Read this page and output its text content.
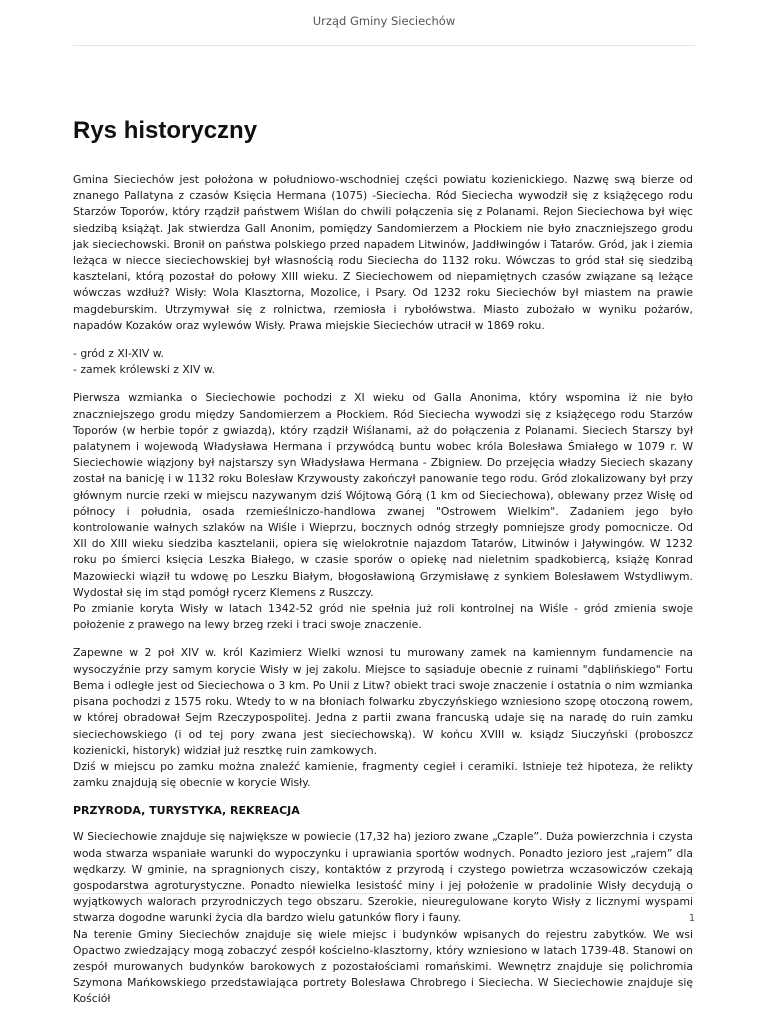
Urząd Gminy Sieciechów
Rys historyczny

Gmina Sieciechów jest położona w południowo-wschodniej części powiatu kozienickiego. Nazwę swą bierze od znanego Pallatyna z czasów Księcia Hermana (1075) -Sieciecha. Ród Sieciecha wywodził się z książęcego rodu Starzów Toporów, który rządził państwem Wiślan do chwili połączenia się z Polanami. Rejon Sieciechowa był więc siedzibą książąt. Jak stwierdza Gall Anonim, pomiędzy Sandomierzem a Płockiem nie było znaczniejszego grodu jak sieciechowski. Bronił on państwa polskiego przed napadem Litwinów, Jaddłwingów i Tatarów. Gród, jak i ziemia leżąca w niecce sieciechowskiej był własnością rodu Sieciecha do 1132 roku. Wówczas to gród stał się siedzibą kasztelani, którą pozostał do połowy XIII wieku. Z Sieciechowem od niepamiętnych czasów związane są leżące wówczas wzdłuż? Wisły: Wola Klasztorna, Mozolice, i Psary. Od 1232 roku Sieciechów był miastem na prawie magdeburskim. Utrzymywał się z rolnictwa, rzemiosła i rybołówstwa. Miasto zubożało w wyniku pożarów, napadów Kozaków oraz wylewów Wisły. Prawa miejskie Sieciechów utracił w 1869 roku.

- gród z XI-XIV w.
- zamek królewski z XIV w.

Pierwsza wzmianka o Sieciechowie pochodzi z XI wieku od Galla Anonima, który wspomina iż nie było znaczniejszego grodu między Sandomierzem a Płockiem. Ród Sieciecha wywodzi się z książęcego rodu Starzów Toporów (w herbie topór z gwiazdą), który rządził Wiślanami, aż do połączenia z Polanami. Sieciech Starszy był palatynem i wojewodą Władysława Hermana i przywódcą buntu wobec króla Bolesława Śmiałego w 1079 r. W Sieciechowie wiązjony był najstarszy syn Władysława Hermana - Zbigniew. Do przejęcia władzy Sieciech skazany został na banicję i w 1132 roku Bolesław Krzywousty zakończył panowanie tego rodu. Gród zlokalizowany był przy głównym nurcie rzeki w miejscu nazywanym dziś Wójtową Górą (1 km od Sieciechowa), oblewany przez Wisłę od północy i południa, osada rzemieślniczo-handlowa zwanej "Ostrowem Wielkim". Zadaniem jego było kontrolowanie wałnych szlaków na Wiśle i Wieprzu, bocznych odnóg strzegły pomniejsze grody pomocnicze. Od XII do XIII wieku siedziba kasztelanii, opiera się wielokrotnie najazdom Tatarów, Litwinów i Jaływingów. W 1232 roku po śmierci księcia Leszka Białego, w czasie sporów o opiekę nad nieletnim spadkobiercą, książę Konrad Mazowiecki wiąził tu wdowę po Leszku Białym, błogosławioną Grzymisławę z synkiem Bolesławem Wstydliwym. Wydostał się im stąd pomógł rycerz Klemens z Ruszczy.
Po zmianie koryta Wisły w latach 1342-52 gród nie spełnia już roli kontrolnej na Wiśle - gród zmienia swoje położenie z prawego na lewy brzeg rzeki i traci swoje znaczenie.

Zapewne w 2 poł XIV w. król Kazimierz Wielki wznosi tu murowany zamek na kamiennym fundamencie na wysoczyźnie przy samym korycie Wisły w jej zakolu. Miejsce to sąsiaduje obecnie z ruinami "dąblińskiego" Fortu Bema i odległe jest od Sieciechowa o 3 km. Po Unii z Litw? obiekt traci swoje znaczenie i ostatnia o nim wzmianka pisana pochodzi z 1575 roku. Wtedy to w na błoniach folwarku zbyczyńskiego wzniesiono szopę otoczoną rowem, w której obradował Sejm Rzeczypospolitej. Jedna z partii zwana francuską udaje się na naradę do ruin zamku sieciechowskiego (i od tej pory zwana jest sieciechowską). W końcu XVIII w. ksiądz Siuczyński (proboszcz kozienicki, historyk) widział już resztkę ruin zamkowych.
Dziś w miejscu po zamku można znaleźć kamienie, fragmenty cegieł i ceramiki. Istnieje też hipoteza, że relikty zamku znajdują się obecnie w korycie Wisły.

PRZYRODA, TURYSTYKA, REKREACJA

W Sieciechowie znajduje się największe w powiecie (17,32 ha) jezioro zwane „Czaple”. Duża powierzchnia i czysta woda stwarza wspaniałe warunki do wypoczynku i uprawiania sportów wodnych. Ponadto jezioro jest „rajem” dla wędkarzy. W gminie, na spragnionych ciszy, kontaktów z przyrodą i czystego powietrza wczasowiczów czekają gospodarstwa agroturystyczne. Ponadto niewielka lesistość miny i jej położenie w pradolinie Wisły decydują o wyjątkowych walorach przyrodniczych tego obszaru. Szerokie, nieuregulowane koryto Wisły z licznymi wyspami stwarza dogodne warunki życia dla bardzo wielu gatunków flory i fauny.
Na terenie Gminy Sieciechów znajduje się wiele miejsc i budynków wpisanych do rejestru zabytków. We wsi Opactwo zwiedzający mogą zobaczyć zespół kościelno-klasztorny, który wzniesiono w latach 1739-48. Stanowi on zespół murowanych budynków barokowych z pozostałościami romańskimi. Wewnętrz znajduje się polichromia Szymona Mańkowskiego przedstawiająca portrety Bolesława Chrobrego i Sieciecha. W Sieciechowie znajduje się Kościół

1
